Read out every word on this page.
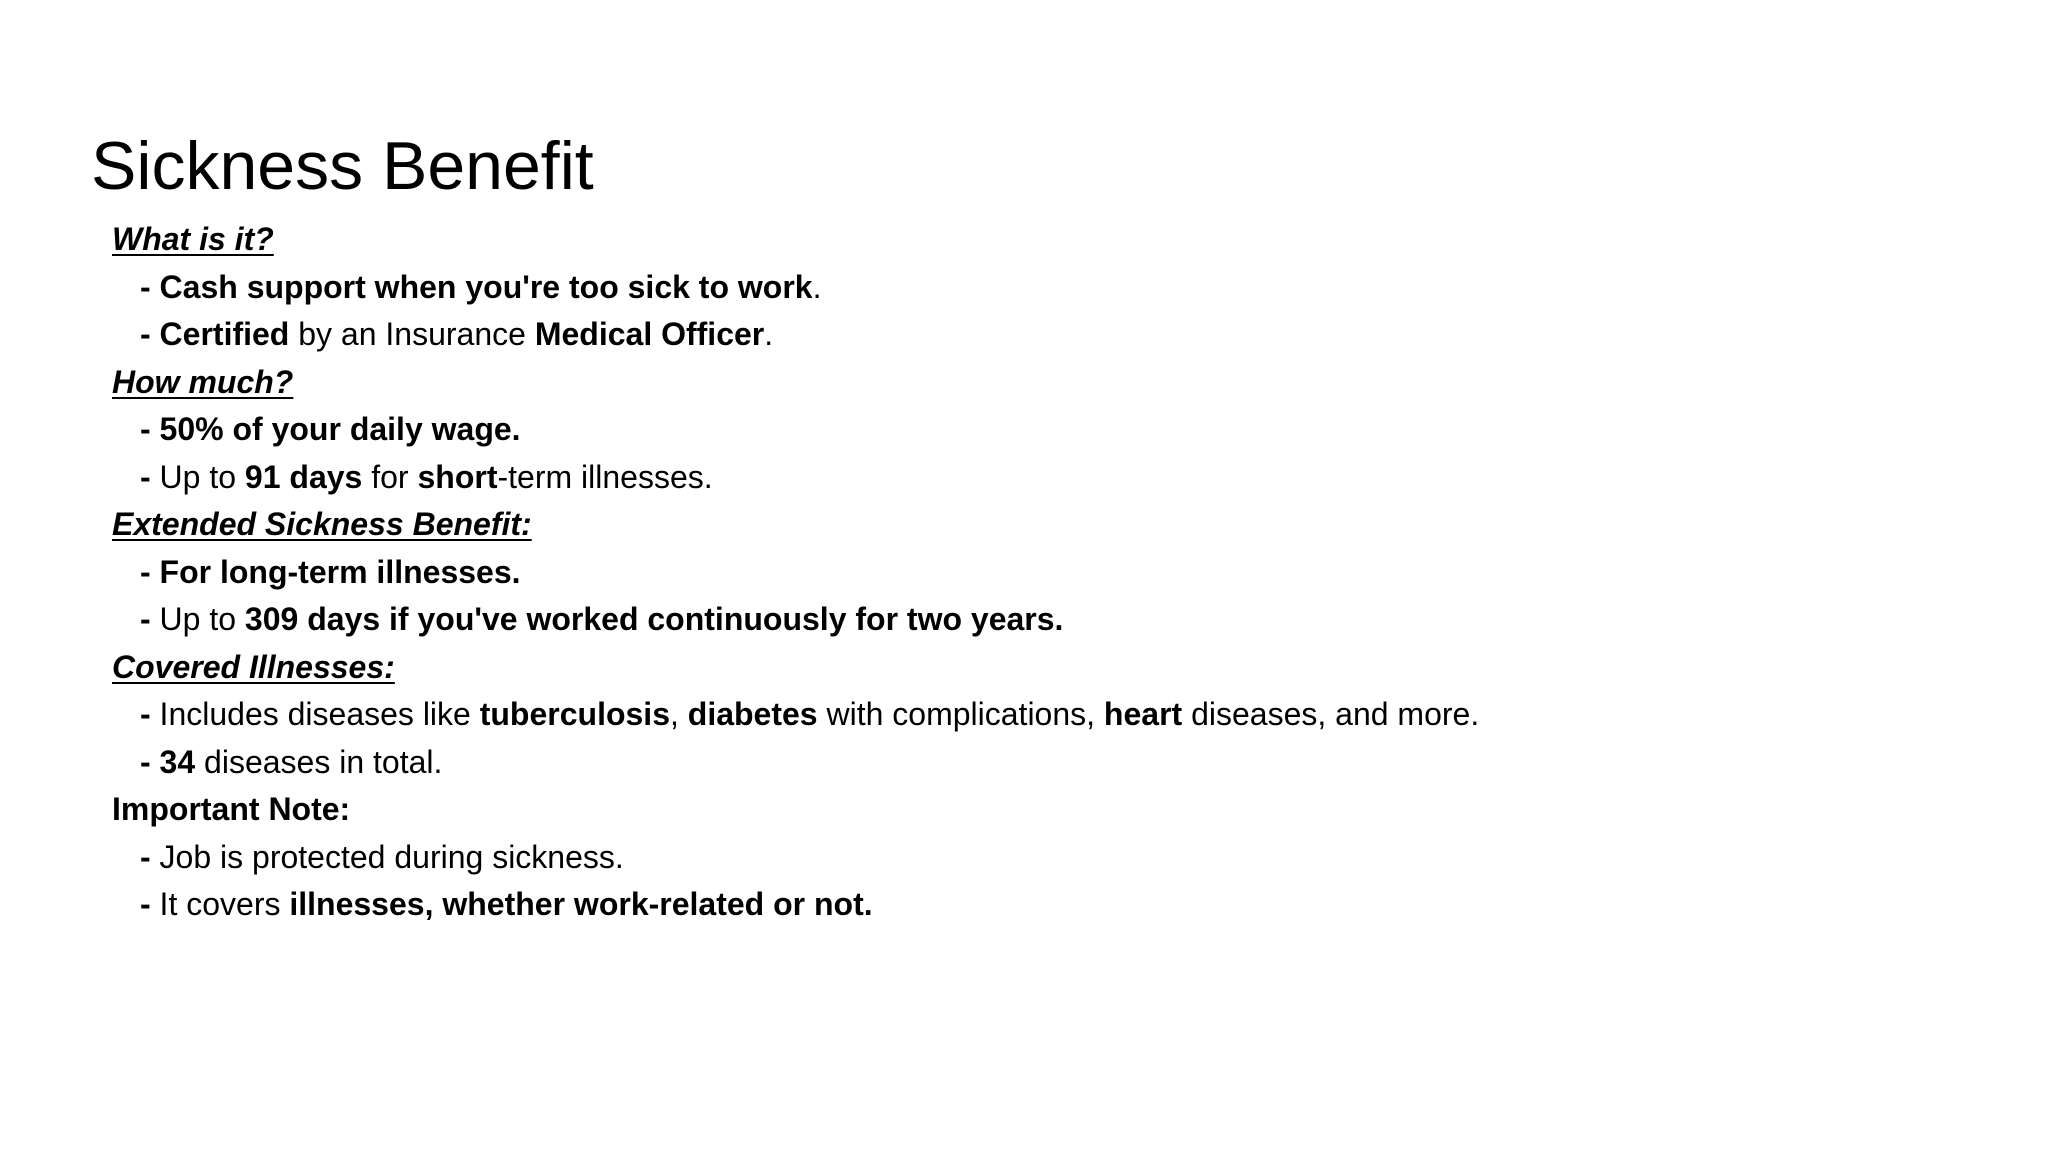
Sickness Benefit
What is it?
- Cash support when you're too sick to work.
- Certified by an Insurance Medical Officer.
How much?
- 50% of your daily wage.
- Up to 91 days for short-term illnesses.
Extended Sickness Benefit:
- For long-term illnesses.
- Up to 309 days if you've worked continuously for two years.
Covered Illnesses:
- Includes diseases like tuberculosis, diabetes with complications, heart diseases, and more.
- 34 diseases in total.
Important Note:
- Job is protected during sickness.
- It covers illnesses, whether work-related or not.
